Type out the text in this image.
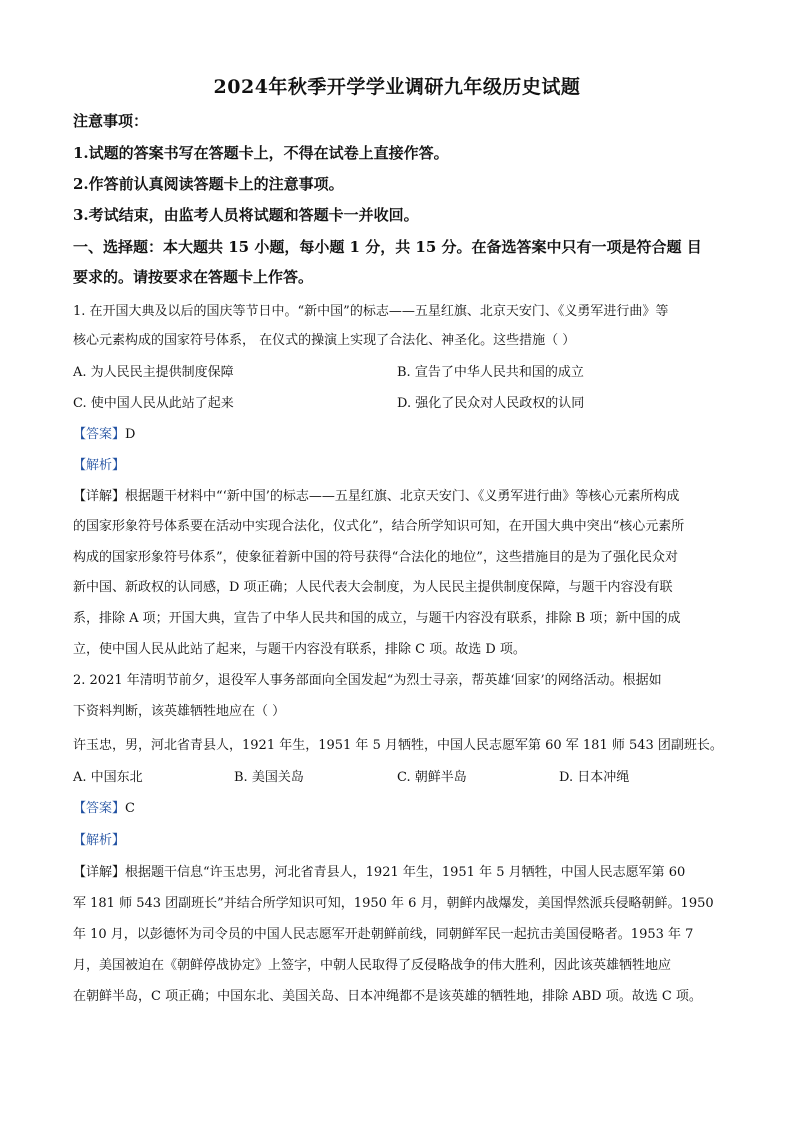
2024年秋季开学学业调研九年级历史试题
注意事项：
1.试题的答案书写在答题卡上，不得在试卷上直接作答。
2.作答前认真阅读答题卡上的注意事项。
3.考试结束，由监考人员将试题和答题卡一并收回。
一、选择题：本大题共 15 小题，每小题 1 分，共 15 分。在备选答案中只有一项是符合题 目
要求的。请按要求在答题卡上作答。
1. 在开国大典及以后的国庆等节日中。“新中国”的标志——五星红旗、北京天安门、《义勇军进行曲》等
核心元素构成的国家符号体系， 在仪式的操演上实现了合法化、神圣化。这些措施（ ）
A. 为人民民主提供制度保障	B. 宣告了中华人民共和国的成立
C. 使中国人民从此站了起来	D. 强化了民众对人民政权的认同
【答案】D
【解析】
【详解】根据题干材料中“‘新中国’的标志——五星红旗、北京天安门、《义勇军进行曲》等核心元素所构成
的国家形象符号体系要在活动中实现合法化，仪式化”，结合所学知识可知，在开国大典中突出“核心元素所
构成的国家形象符号体系”，使象征着新中国的符号获得“合法化的地位”，这些措施目的是为了强化民众对
新中国、新政权的认同感，D 项正确；人民代表大会制度，为人民民主提供制度保障，与题干内容没有联
系，排除 A 项；开国大典，宣告了中华人民共和国的成立，与题干内容没有联系，排除 B 项；新中国的成
立，使中国人民从此站了起来，与题干内容没有联系，排除 C 项。故选 D 项。
2. 2021 年清明节前夕，退役军人事务部面向全国发起“为烈士寻亲，帮英雄‘回家’的网络活动。根据如
下资料判断，该英雄牺牲地应在（ ）
许玉忠，男，河北省青县人，1921 年生，1951 年 5 月牺牲，中国人民志愿军第 60 军 181 师 543 团副班长。
A. 中国东北	B. 美国关岛	C. 朝鲜半岛	D. 日本冲绳
【答案】C
【解析】
【详解】根据题干信息“许玉忠男，河北省青县人，1921 年生，1951 年 5 月牺牲，中国人民志愿军第 60
军 181 师 543 团副班长”并结合所学知识可知，1950 年 6 月，朝鲜内战爆发，美国悍然派兵侵略朝鲜。1950
年 10 月，以彭德怀为司令员的中国人民志愿军开赴朝鲜前线，同朝鲜军民一起抗击美国侵略者。1953 年 7
月，美国被迫在《朝鲜停战协定》上签字，中朝人民取得了反侵略战争的伟大胜利，因此该英雄牺牲地应
在朝鲜半岛，C 项正确；中国东北、美国关岛、日本冲绳都不是该英雄的牺牲地，排除 ABD 项。故选 C 项。
